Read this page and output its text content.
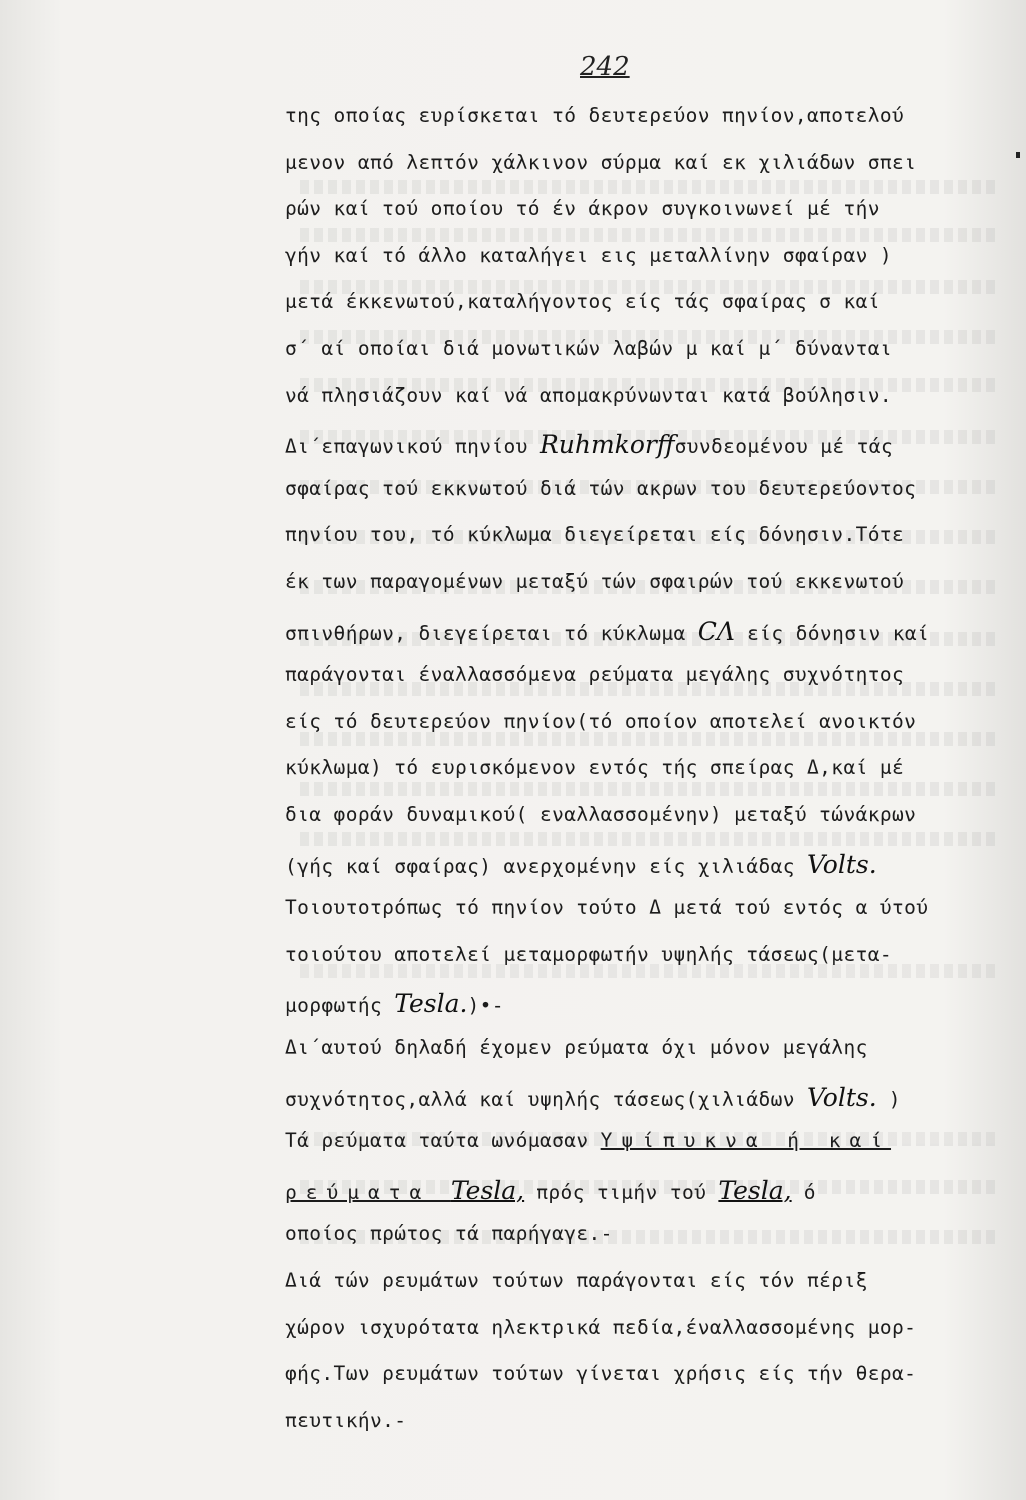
242
της οποίας ευρίσκεται τό δευτερεύον πηνίον,αποτελού
μενον από λεπτόν χάλκινον σύρμα καί εκ χιλιάδων σπει
ρών καί τού οποίου τό έν άκρον συγκοινωνεί μέ τήν
γήν καί τό άλλο καταλήγει εις μεταλλίνην σφαίραν )
μετά έκκενωτού,καταλήγοντος είς τάς σφαίρας σ καί
σ΄ αί οποίαι διά μονωτικών λαβών μ καί μ΄ δύνανται
νά πλησιάζουν καί νά απομακρύνωνται κατά βούλησιν.
Δι΄επαγωνικού πηνίου Ruhmkorffσυνδεομένου μέ τάς
σφαίρας τού εκκνωτού διά τών ακρων του δευτερεύοντος
πηνίου του, τό κύκλωμα διεγείρεται είς δόνησιν.Τότε
έκ των παραγομένων μεταξύ τών σφαιρών τού εκκενωτού
σπινθήρων, διεγείρεται τό κύκλωμα CΛ είς δόνησιν καί
παράγονται έναλλασσόμενα ρεύματα μεγάλης συχνότητος
είς τό δευτερεύον πηνίον(τό οποίον αποτελεί ανοικτόν
κύκλωμα) τό ευρισκόμενον εντός τής σπείρας Δ,καί μέ
δια φοράν δυναμικού( εναλλασσομένην) μεταξύ τώνάκρων
(γής καί σφαίρας) ανερχομένην είς χιλιάδας Volts.
Τοιουτοτρόπως τό πηνίον τούτο Δ μετά τού εντός α ύτού
τοιούτου αποτελεί μεταμορφωτήν υψηλής τάσεως(μετα-
μορφωτής Tesla.)•-
Δι΄αυτού δηλαδή έχομεν ρεύματα όχι μόνον μεγάλης
συχνότητος,αλλά καί υψηλής τάσεως(χιλιάδων Volts. )
Τά ρεύματα ταύτα ωνόμασαν Υψίπυκνα ή καί
ρεύματα Tesla, πρός τιμήν τού Tesla, ό
οποίος πρώτος τά παρήγαγε.-
Διά τών ρευμάτων τούτων παράγονται είς τόν πέριξ
χώρον ισχυρότατα ηλεκτρικά πεδία,έναλλασσομένης μορ-
φής.Των ρευμάτων τούτων γίνεται χρήσις είς τήν θερα-
πευτικήν.-
